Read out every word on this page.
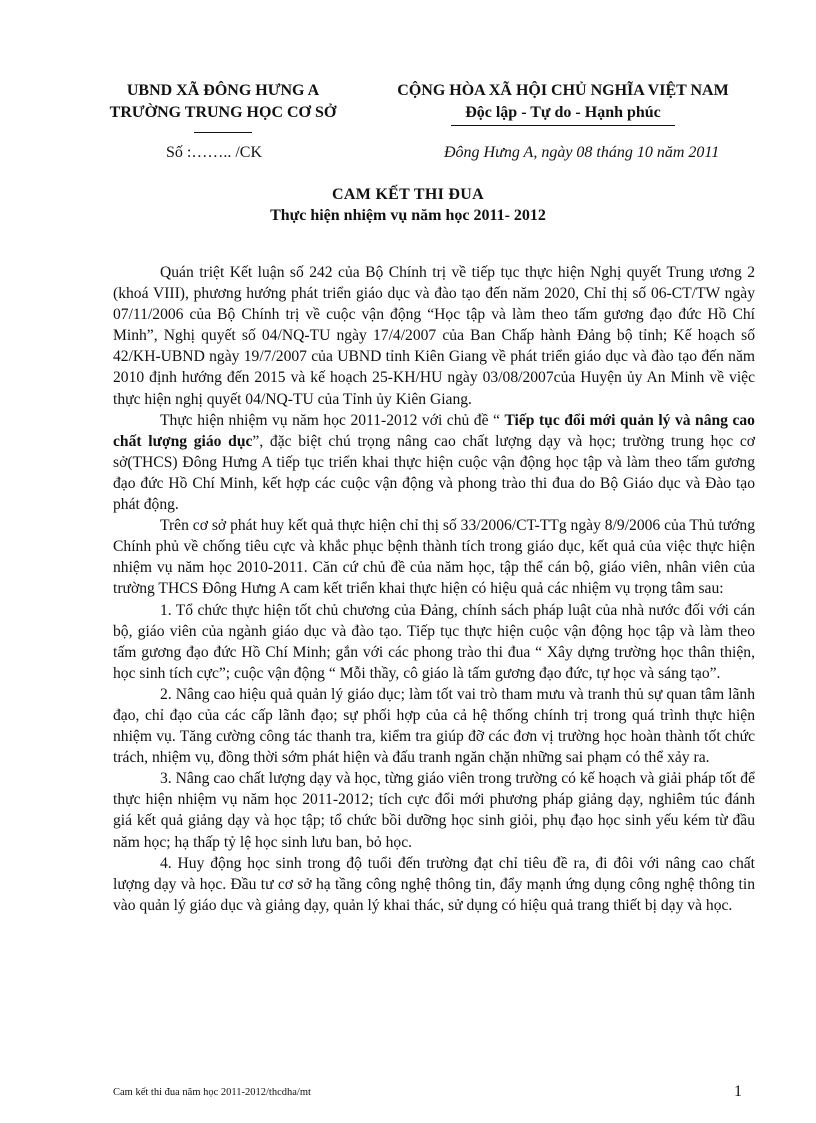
UBND XÃ ĐÔNG HƯNG A
TRƯỜNG TRUNG HỌC CƠ SỞ
CỘNG HÒA XÃ HỘI CHỦ NGHĨA VIỆT NAM
Độc lập - Tự do - Hạnh phúc
Số :…….. /CK	Đông Hưng A, ngày 08 tháng 10 năm 2011
CAM KẾT THI ĐUA
Thực hiện nhiệm vụ năm học 2011- 2012

Quán triệt Kết luận số 242 của Bộ Chính trị về tiếp tục thực hiện Nghị quyết Trung ương 2 (khoá VIII), phương hướng phát triển giáo dục và đào tạo đến năm 2020, Chỉ thị số 06-CT/TW ngày 07/11/2006 của Bộ Chính trị về cuộc vận động “Học tập và làm theo tấm gương đạo đức Hồ Chí Minh”, Nghị quyết số 04/NQ-TU ngày 17/4/2007 của Ban Chấp hành Đảng bộ tỉnh; Kế hoạch số 42/KH-UBND ngày 19/7/2007 của UBND tỉnh Kiên Giang về phát triển giáo dục và đào tạo đến năm 2010 định hướng đến 2015 và kế hoạch 25-KH/HU ngày 03/08/2007của Huyện ủy An Minh về việc thực hiện nghị quyết 04/NQ-TU của Tỉnh ủy Kiên Giang.

Thực hiện nhiệm vụ năm học 2011-2012 với chủ đề “ Tiếp tục đổi mới quản lý và nâng cao chất lượng giáo dục”, đặc biệt chú trọng nâng cao chất lượng dạy và học; trường trung học cơ sở(THCS) Đông Hưng A tiếp tục triển khai thực hiện cuộc vận động học tập và làm theo tấm gương đạo đức Hồ Chí Minh, kết hợp các cuộc vận động và phong trào thi đua do Bộ Giáo dục và Đào tạo phát động.

Trên cơ sở phát huy kết quả thực hiện chỉ thị số 33/2006/CT-TTg ngày 8/9/2006 của Thủ tướng Chính phủ về chống tiêu cực và khắc phục bệnh thành tích trong giáo dục, kết quả của việc thực hiện nhiệm vụ năm học 2010-2011. Căn cứ chủ đề của năm học, tập thể cán bộ, giáo viên, nhân viên của trường THCS Đông Hưng A cam kết triển khai thực hiện có hiệu quả các nhiệm vụ trọng tâm sau:

1. Tổ chức thực hiện tốt chủ chương của Đảng, chính sách pháp luật của nhà nước đối với cán bộ, giáo viên của ngành giáo dục và đào tạo. Tiếp tục thực hiện cuộc vận động học tập và làm theo tấm gương đạo đức Hồ Chí Minh; gắn với các phong trào thi đua “ Xây dựng trường học thân thiện, học sinh tích cực”; cuộc vận động “ Mỗi thầy, cô giáo là tấm gương đạo đức, tự học và sáng tạo”.

2. Nâng cao hiệu quả quản lý giáo dục; làm tốt vai trò tham mưu và tranh thủ sự quan tâm lãnh đạo, chỉ đạo của các cấp lãnh đạo; sự phối hợp của cả hệ thống chính trị trong quá trình thực hiện nhiệm vụ. Tăng cường công tác thanh tra, kiểm tra giúp đỡ các đơn vị trường học hoàn thành tốt chức trách, nhiệm vụ, đồng thời sớm phát hiện và đấu tranh ngăn chặn những sai phạm có thể xảy ra.

3. Nâng cao chất lượng dạy và học, từng giáo viên trong trường có kế hoạch và giải pháp tốt để thực hiện nhiệm vụ năm học 2011-2012; tích cực đổi mới phương pháp giảng dạy, nghiêm túc đánh giá kết quả giảng dạy và học tập; tổ chức bồi dưỡng học sinh giỏi, phụ đạo học sinh yếu kém từ đầu năm học; hạ thấp tỷ lệ học sinh lưu ban, bỏ học.

4. Huy động học sinh trong độ tuổi đến trường đạt chỉ tiêu đề ra, đi đôi với nâng cao chất lượng dạy và học. Đầu tư cơ sở hạ tầng công nghệ thông tin, đẩy mạnh ứng dụng công nghệ thông tin vào quản lý giáo dục và giảng dạy, quản lý khai thác, sử dụng có hiệu quả trang thiết bị dạy và học.

Cam kết thi đua năm học 2011-2012/thcdha/mt	1
